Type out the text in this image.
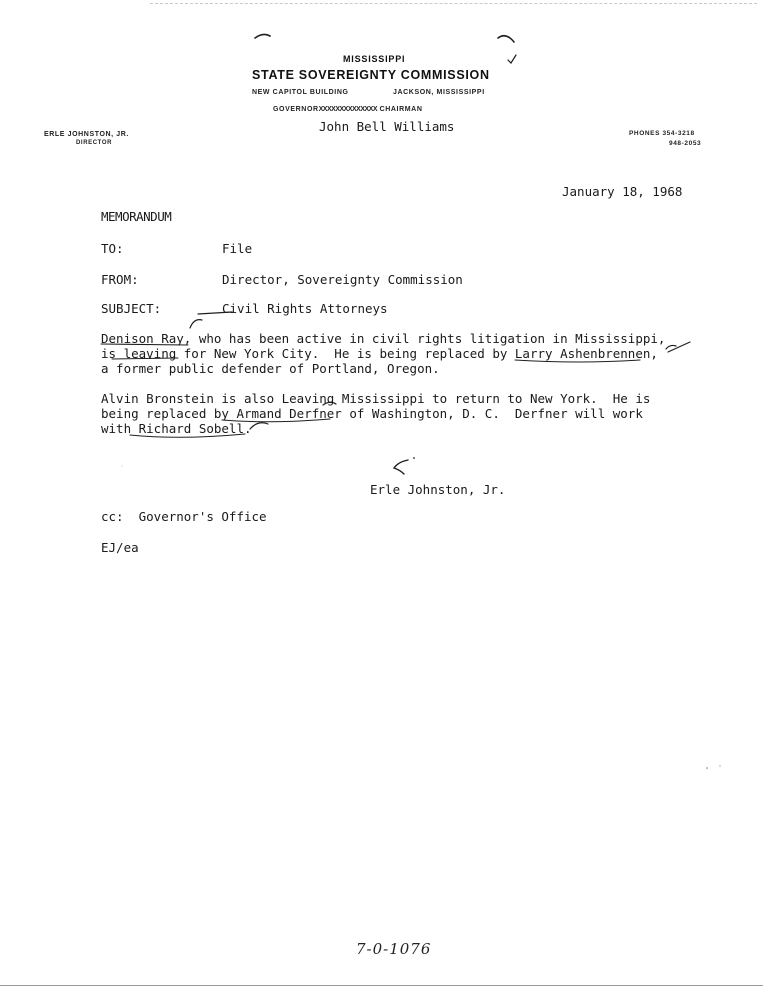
MISSISSIPPI
STATE SOVEREIGNTY COMMISSION
NEW CAPITOL BUILDING	JACKSON, MISSISSIPPI
GOVERNORXXXXXXXXXXXXXX CHAIRMAN
John Bell Williams
ERLE JOHNSTON, JR.
DIRECTOR
PHONES 354-3218
948-2053
January 18, 1968
MEMORANDUM
TO:	File
FROM:	Director, Sovereignty Commission
SUBJECT:	Civil Rights Attorneys
Denison Ray, who has been active in civil rights litigation in Mississippi,
is leaving for New York City.  He is being replaced by Larry Ashenbrennen,
a former public defender of Portland, Oregon.
Alvin Bronstein is also Leaving Mississippi to return to New York.  He is
being replaced by Armand Derfner of Washington, D. C.  Derfner will work
with Richard Sobell.
Erle Johnston, Jr.
cc:  Governor's Office
EJ/ea
7-0-1076
